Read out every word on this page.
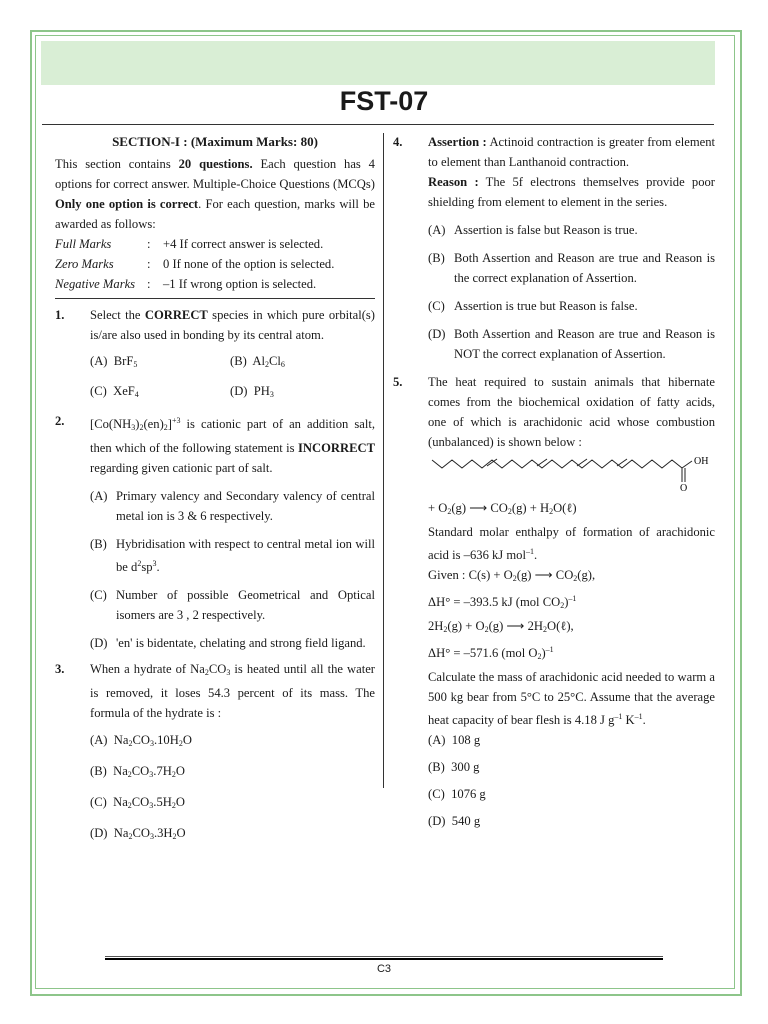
FST-07
SECTION-I : (Maximum Marks: 80)
This section contains 20 questions. Each question has 4 options for correct answer. Multiple-Choice Questions (MCQs) Only one option is correct. For each question, marks will be awarded as follows:
Full Marks	: +4 If correct answer is selected.
Zero Marks	: 0 If none of the option is selected.
Negative Marks : –1 If wrong option is selected.
1.	Select the CORRECT species in which pure orbital(s) is/are also used in bonding by its central atom.
(A) BrF$_5$	(B) $Al_2Cl_6$
(C) XeF$_4$	(D) $PH_3$
2.	$[Co(NH_3)_2(en)_2]^{+3}$ is cationic part of an addition salt, then which of the following statement is INCORRECT regarding given cationic part of salt.
(A) Primary valency and Secondary valency of central metal ion is 3 & 6 respectively.
(B) Hybridisation with respect to central metal ion will be $d^2sp^3$.
(C) Number of possible Geometrical and Optical isomers are 3 , 2 respectively.
(D) 'en' is bidentate, chelating and strong field ligand.
3.	When a hydrate of $Na_2CO_3$ is heated until all the water is removed, it loses 54.3 percent of its mass. The formula of the hydrate is :
(A) $Na_2CO_3.10H_2O$
(B) $Na_2CO_3.7H_2O$
(C) $Na_2CO_3.5H_2O$
(D) $Na_2CO_3.3H_2O$
4.	Assertion : Actinoid contraction is greater from element to element than Lanthanoid contraction.
Reason : The 5f electrons themselves provide poor shielding from element to element in the series.
(A) Assertion is false but Reason is true.
(B) Both Assertion and Reason are true and Reason is the correct explanation of Assertion.
(C) Assertion is true but Reason is false.
(D) Both Assertion and Reason are true and Reason is NOT the correct explanation of Assertion.
5.	The heat required to sustain animals that hibernate comes from the biochemical oxidation of fatty acids, one of which is arachidonic acid whose combustion (unbalanced) is shown below :
OH
O
+ $O_2(g)$ ⟶ $CO_2(g)$ + $H_2O(\ell)$
Standard molar enthalpy of formation of arachidonic acid is –636 kJ mol$^{-1}$.
Given : $C(s) + O_2(g)$ ⟶ $CO_2(g)$,
ΔH° = –393.5 kJ (mol $CO_2)^{-1}$
$2H_2(g) + O_2(g)$ ⟶ $2H_2O(\ell)$,
ΔH° = –571.6 (mol $O_2)^{-1}$
Calculate the mass of arachidonic acid needed to warm a 500 kg bear from 5°C to 25°C. Assume that the average heat capacity of bear flesh is 4.18 J $g^{-1}$ $K^{-1}$.
(A) 108 g
(B) 300 g
(C) 1076 g
(D) 540 g
C3
